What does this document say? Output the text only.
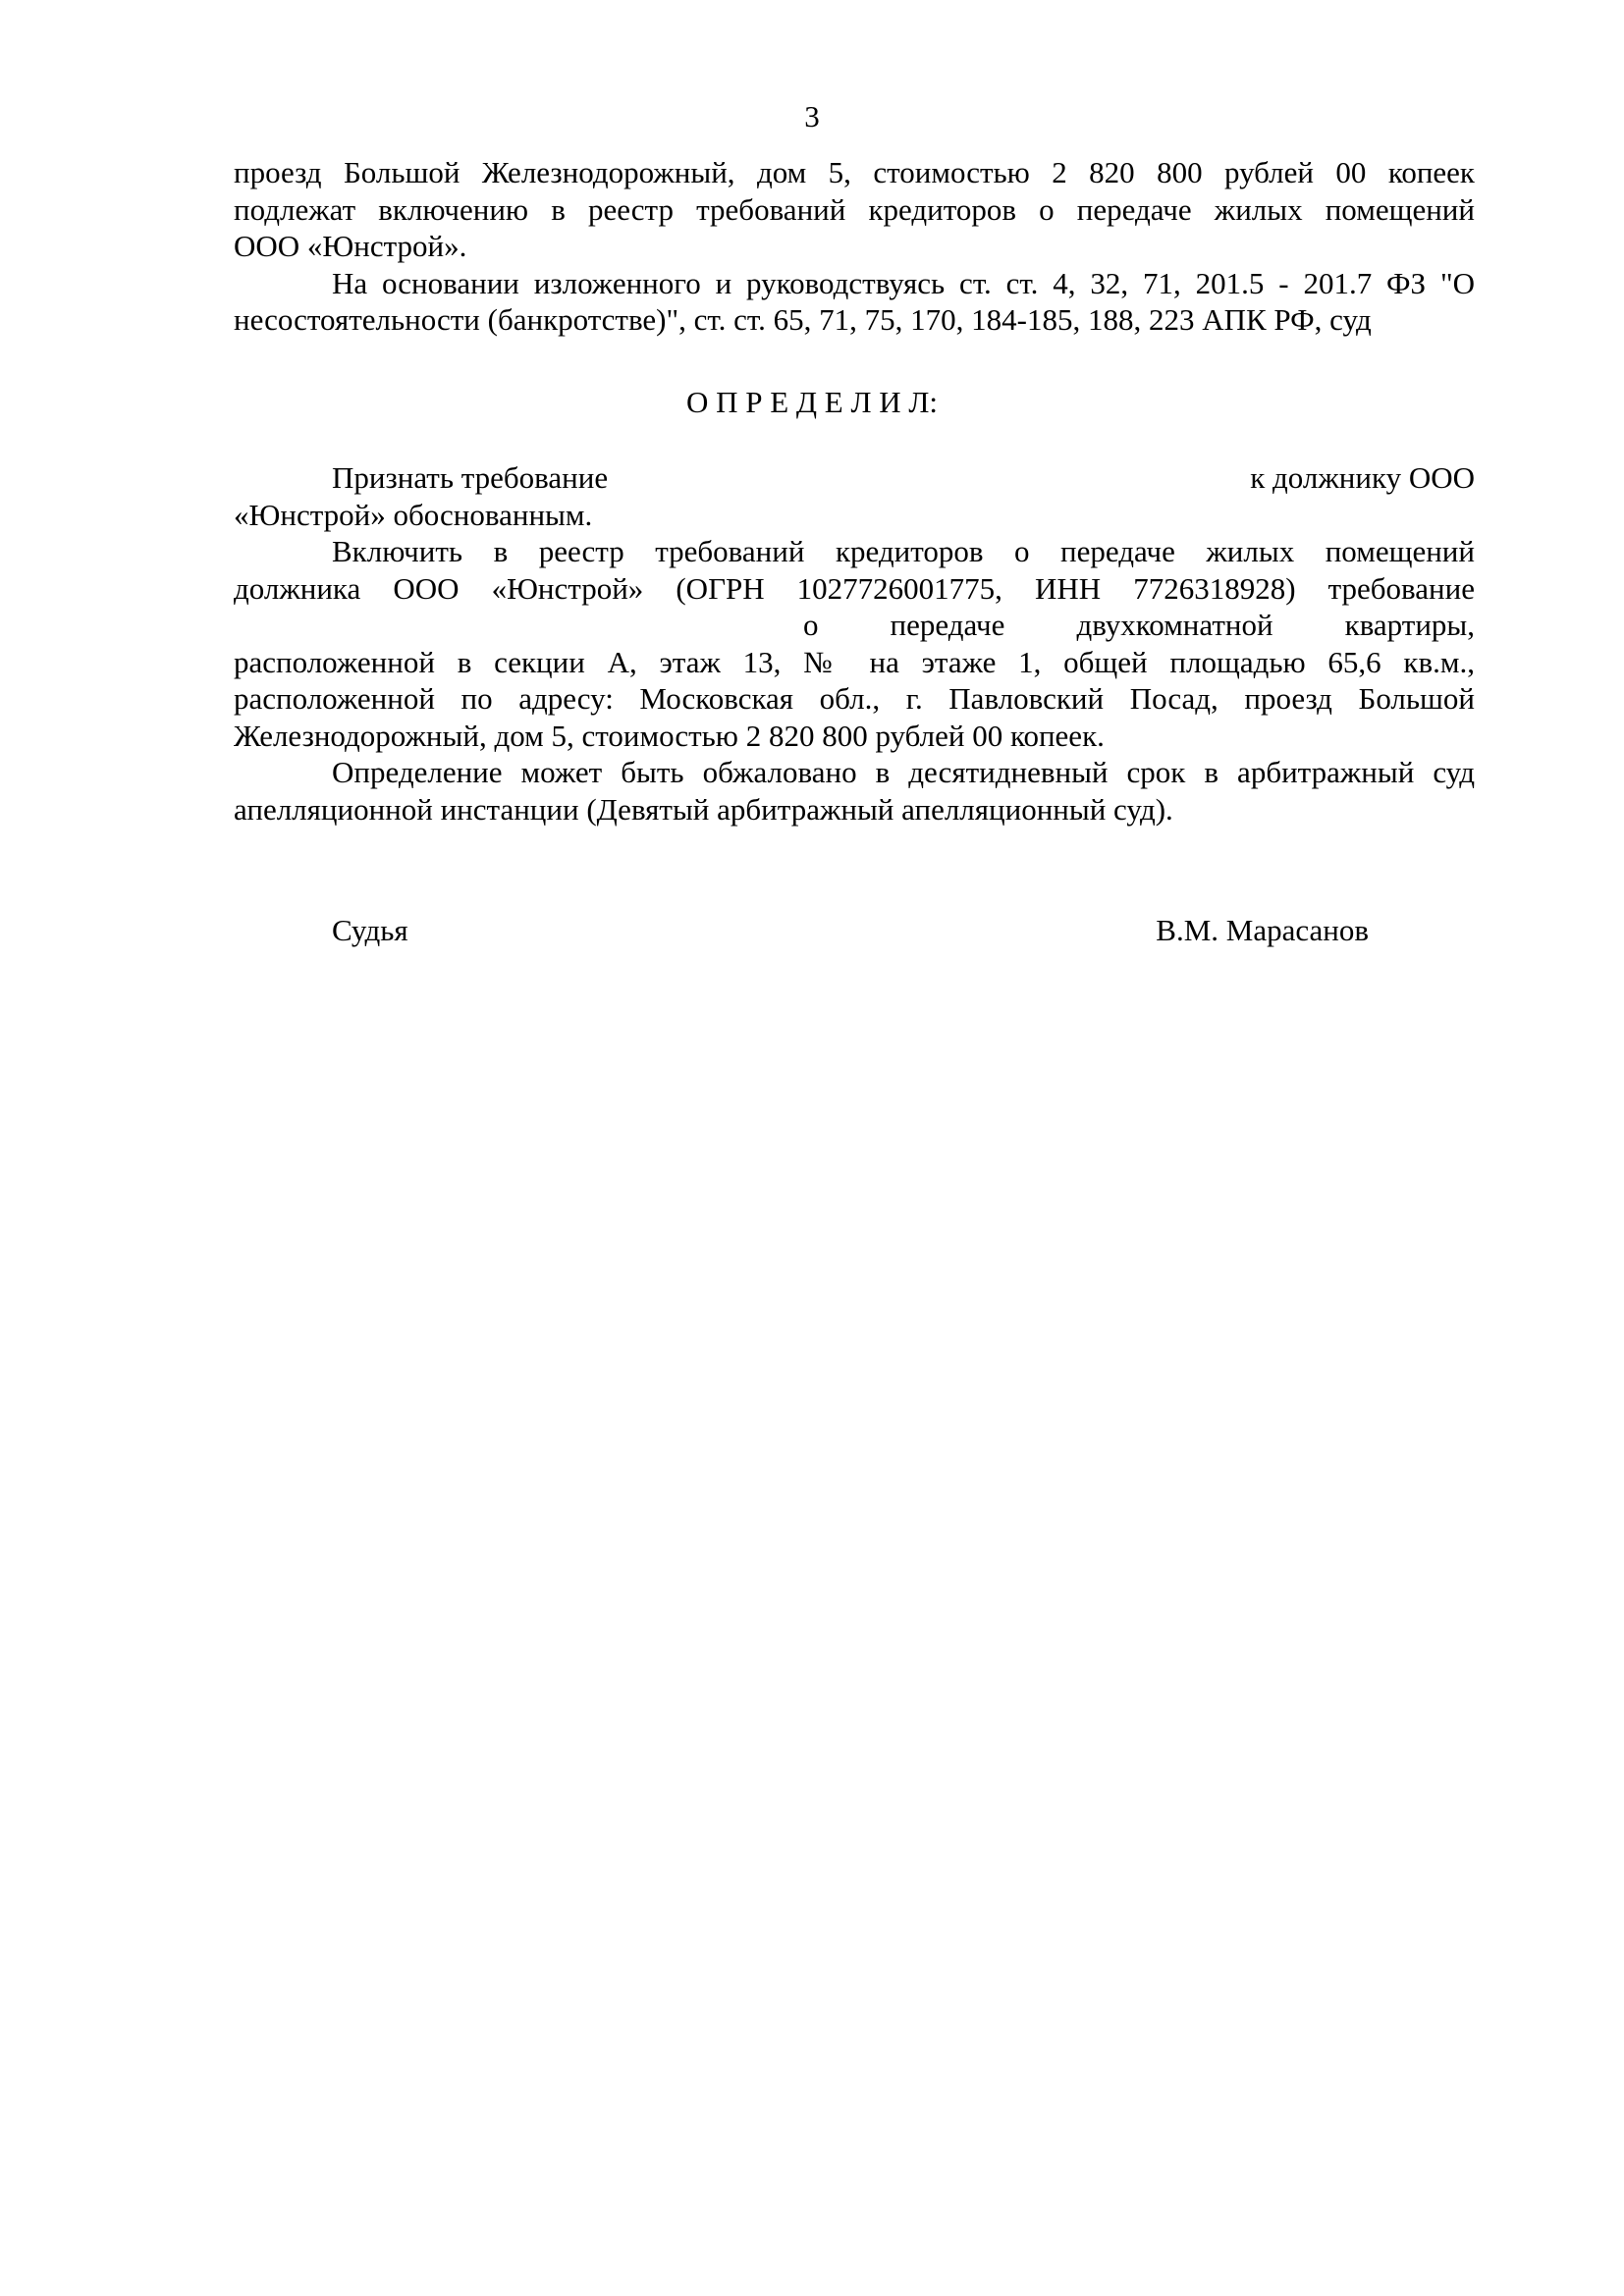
3
проезд Большой Железнодорожный, дом 5, стоимостью 2 820 800 рублей 00 копеек
подлежат включению в реестр требований кредиторов о передаче жилых помещений
ООО «Юнстрой».
На основании изложенного и руководствуясь ст. ст. 4, 32, 71, 201.5 - 201.7 ФЗ "О
несостоятельности (банкротстве)", ст. ст. 65, 71, 75, 170, 184-185, 188, 223 АПК РФ, суд
О П Р Е Д Е Л И Л:
Признать требование	к должнику ООО
«Юнстрой» обоснованным.
Включить в реестр требований кредиторов о передаче жилых помещений
должника ООО «Юнстрой» (ОГРН 1027726001775, ИНН 7726318928) требование
о передаче двухкомнатной квартиры,
расположенной в секции А, этаж 13, № на этаже 1, общей площадью 65,6 кв.м.,
расположенной по адресу: Московская обл., г. Павловский Посад, проезд Большой
Железнодорожный, дом 5, стоимостью 2 820 800 рублей 00 копеек.
Определение может быть обжаловано в десятидневный срок в арбитражный суд
апелляционной инстанции (Девятый арбитражный апелляционный суд).
Судья	В.М. Марасанов
